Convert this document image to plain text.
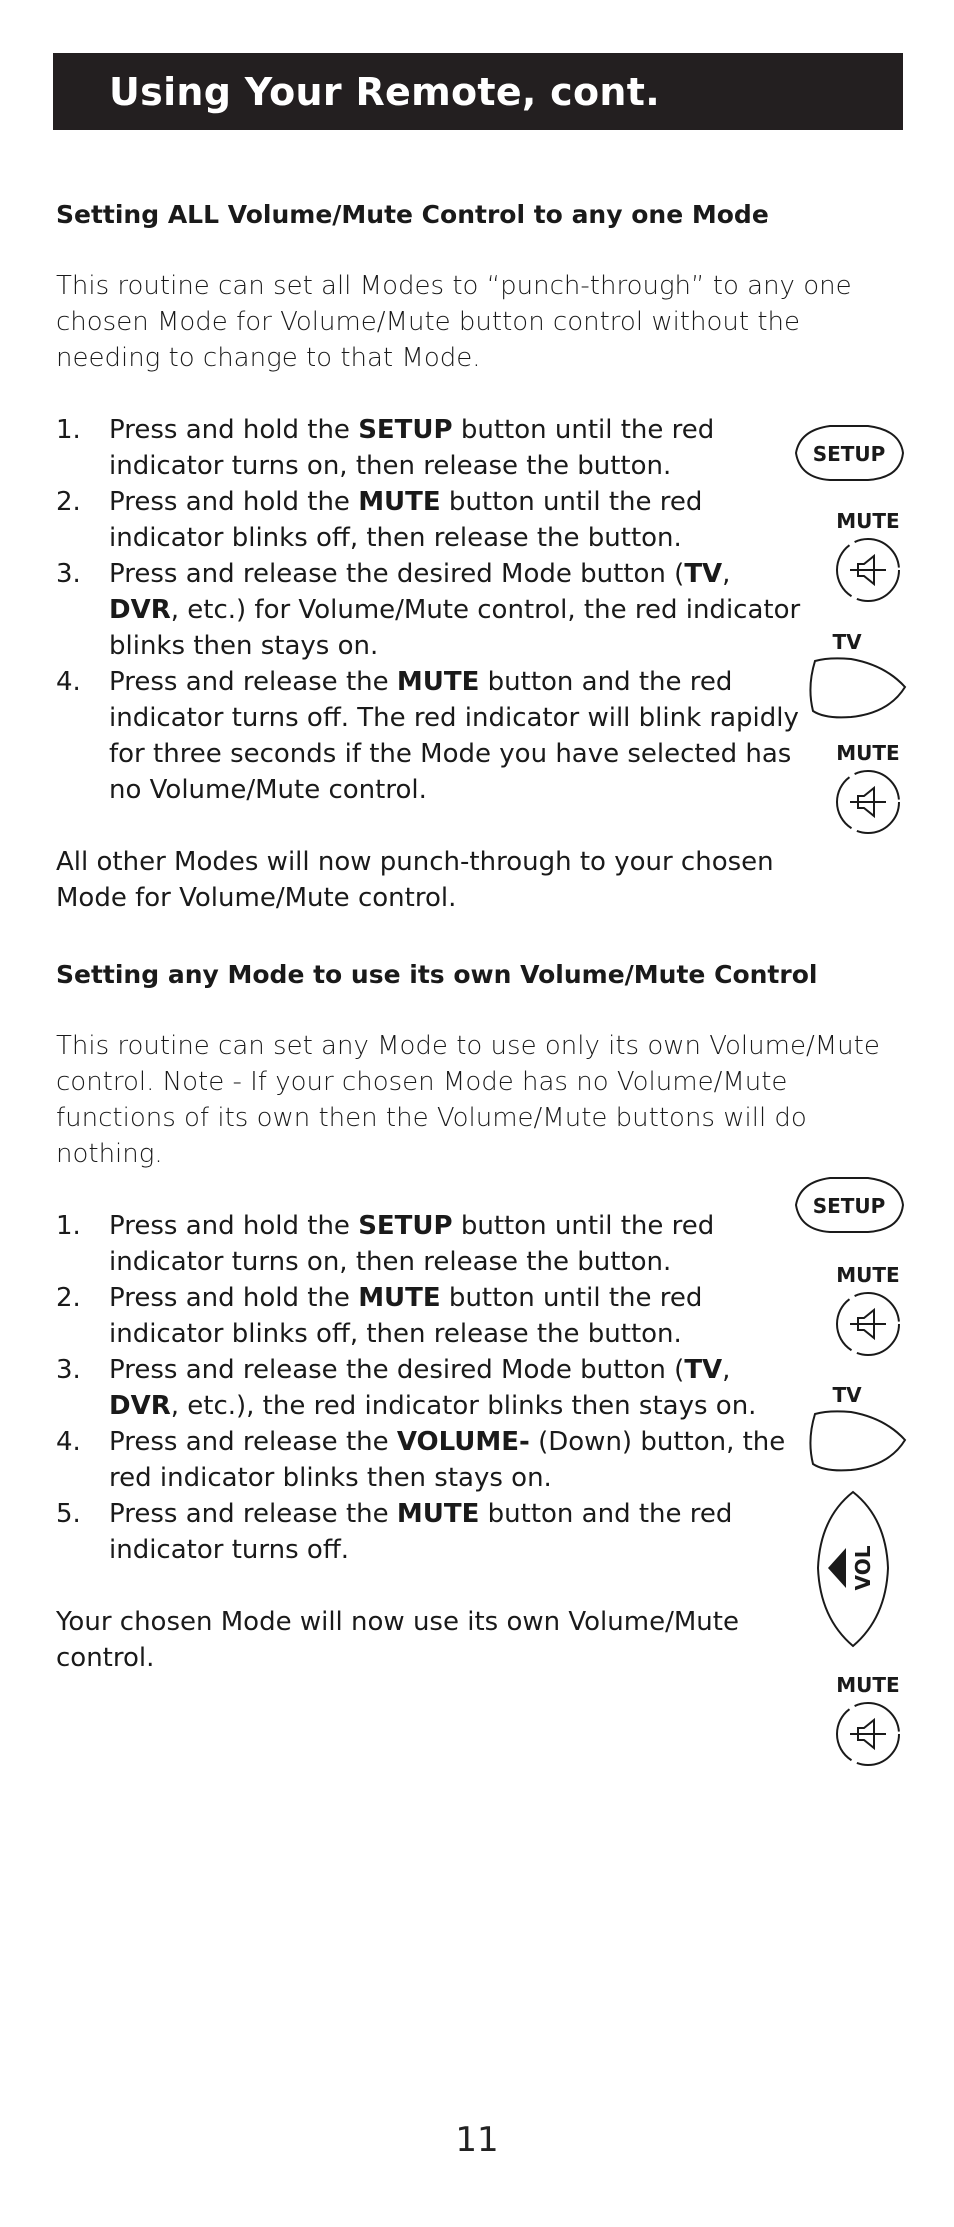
Using Your Remote, cont.
Setting ALL Volume/Mute Control to any one Mode

This routine can set all Modes to “punch-through” to any one chosen Mode for Volume/Mute button control without the needing to change to that Mode.

1. Press and hold the SETUP button until the red indicator turns on, then release the button.
2. Press and hold the MUTE button until the red indicator blinks off, then release the button.
3. Press and release the desired Mode button (TV, DVR, etc.) for Volume/Mute control, the red indicator blinks then stays on.
4. Press and release the MUTE button and the red indicator turns off. The red indicator will blink rapidly for three seconds if the Mode you have selected has no Volume/Mute control.

All other Modes will now punch-through to your chosen Mode for Volume/Mute control.

Setting any Mode to use its own Volume/Mute Control

This routine can set any Mode to use only its own Volume/Mute control. Note - If your chosen Mode has no Volume/Mute functions of its own then the Volume/Mute buttons will do nothing.

1. Press and hold the SETUP button until the red indicator turns on, then release the button.
2. Press and hold the MUTE button until the red indicator blinks off, then release the button.
3. Press and release the desired Mode button (TV, DVR, etc.), the red indicator blinks then stays on.
4. Press and release the VOLUME- (Down) button, the red indicator blinks then stays on.
5. Press and release the MUTE button and the red indicator turns off.

Your chosen Mode will now use its own Volume/Mute control.

SETUP
MUTE
TV
MUTE
SETUP
MUTE
TV
VOL
MUTE
11
